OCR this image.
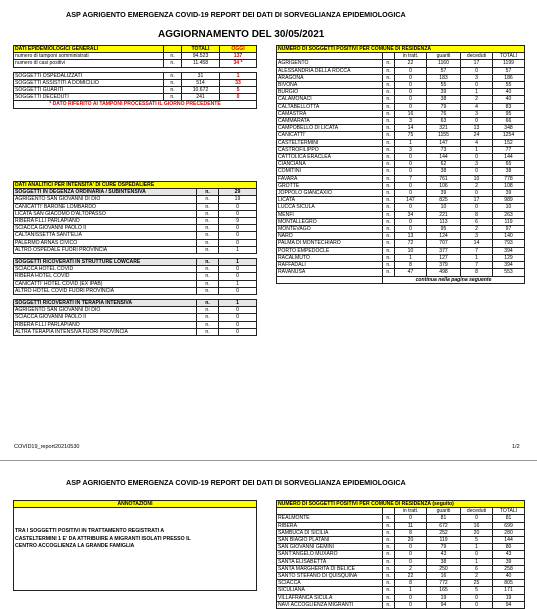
ASP AGRIGENTO EMERGENZA COVID-19 REPORT DEI DATI DI SORVEGLIANZA EPIDEMIOLOGICA
AGGIORNAMENTO DEL 30/05/2021
DATI EPIDEMIOLOGICI GENERALI		TOTALI	OGGI
numero di tamponi somministrati	n.	94.523	137
numero di casi positivi	n.	11.458	34 *

SOGGETTI OSPEDALIZZATI	n.	31	1
SOGGETTI ASSISTITI A DOMICILIO	n.	514	33
SOGGETTI GUARITI	n.	10.672	5
SOGGETTI DECEDUTI	n.	241	0
* DATO RIFERITO AI TAMPONI PROCESSATI IL GIORNO PRECEDENTE			
DATI ANALITICI PER INTENSITA' DI CURE OSPEDALIERE		
SOGGETTI IN DEGENZA ORDINARIA / SUBINTENSIVA	n.	29
AGRIGENTO SAN GIOVANNI DI DIO	n.	19
CANICATTI' BARONE LOMBARDO	n.	0
LICATA SAN GIACOMO D'ALTOPASSO	n.	0
RIBERA F.LLI PARLAPIANO	n.	9
SCIACCA GIOVANNI PAOLO II	n.	0
CALTANISSETTA SANT'ELIA	n.	0
PALERMO ARNAS CIVICO	n.	0
ALTRO OSPEDALE FUORI PROVINCIA	n.	1

SOGGETTI RICOVERATI IN STRUTTURE LOWCARE	n.	1
SCIACCA HOTEL COVID	n.	0
RIBERA HOTEL COVID	n.	0
CANICATTI' HOTEL COVID (EX IPAB)	n.	1
ALTRO HOTEL COVID FUORI PROVINCIA	n.	0

SOGGETTI RICOVERATI IN TERAPIA INTENSIVA	n.	1
AGRIGENTO SAN GIOVANNI DI DIO	n.	0
SCIACCA GIOVANNI PAOLO II	n.	0
RIBERA F.LLI PARLAPIANO	n.	0
ALTRA TERAPIA INTENSIVA FUORI PROVINCIA	n.	0
NUMERO DI SOGGETTI POSITIVI PER COMUNE DI RESIDENZA					
		in tratt.	guariti	deceduti	TOTALI
AGRIGENTO	n.	22	1160	17	1199
ALESSANDRIA DELLA ROCCA	n.	0	57	0	57
ARAGONA	n.	0	183	3	186
BIVONA	n.	0	55	0	55
BURGIO	n.	0	39	1	40
CALAMONACI	n.	0	38	2	40
CALTABELLOTTA	n.	0	79	4	83
CAMASTRA	n.	16	76	3	95
CAMMARATA	n.	3	63	0	66
CAMPOBELLO DI LICATA	n.	14	321	13	348
CANICATTI'	n.	75	1155	24	1254
CASTELTERMINI	n.	1	147	4	152
CASTROFILIPPO	n.	3	73	1	77
CATTOLICA ERACLEA	n.	0	144	0	144
CIANCIANA	n.	0	62	3	65
COMITINI	n.	0	38	0	38
FAVARA	n.	7	761	10	778
GROTTE	n.	0	106	2	108
JOPPOLO GIANCAXIO	n.	0	39	0	39
LICATA	n.	147	825	17	989
LUCCA SICULA	n.	0	10	0	10
MENFI	n.	34	221	8	263
MONTALLEGRO	n.	0	113	6	119
MONTEVAGO	n.	0	95	2	97
NARO	n.	13	124	3	140
PALMA DI MONTECHIARO	n.	72	707	14	793
PORTO EMPEDOCLE	n.	10	377	7	394
RACALMUTO	n.	1	127	1	129
RAFFADALI	n.	8	379	7	394
RAVANUSA	n.	47	498	8	553
	continua nella pagina seguente				
COVID19_report20210530	1/2
ASP AGRIGENTO EMERGENZA COVID-19 REPORT DEI DATI DI SORVEGLIANZA EPIDEMIOLOGICA
ANNOTAZIONI

TRA I SOGGETTI POSITIVI IN TRATTAMENTO REGISTRATI A
CASTELTERMINI 1 E' DA ATTRIBUIRE A MIGRANTI ISOLATI PRESSO IL
CENTRO ACCOGLIENZA LA GRANDE FAMIGLIA
NUMERO DI SOGGETTI POSITIVI PER COMUNE DI RESIDENZA (seguito)					
		in tratt.	guariti	deceduti	TOTALI
REALMONTE	n.	0	81	0	81
RIBERA	n.	11	672	16	699
SAMBUCA DI SICILIA	n.	8	252	20	280
SAN BIAGIO PLATANI	n.	20	119	5	144
SAN GIOVANNI GEMINI	n.	0	79	1	80
SANT'ANGELO MUXARO	n.	0	43	0	43
SANTA ELISABETTA	n.	0	38	1	39
SANTA MARGHERITA DI BELICE	n.	2	250	6	258
SANTO STEFANO DI QUISQUINA	n.	22	16	2	40
SCIACCA	n.	8	772	25	805
SICULIANA	n.	1	165	5	171
VILLAFRANCA SICULA	n.	0	19	0	19
NAVI ACCOGLIENZA MIGRANTI	n.	0	94	0	94
